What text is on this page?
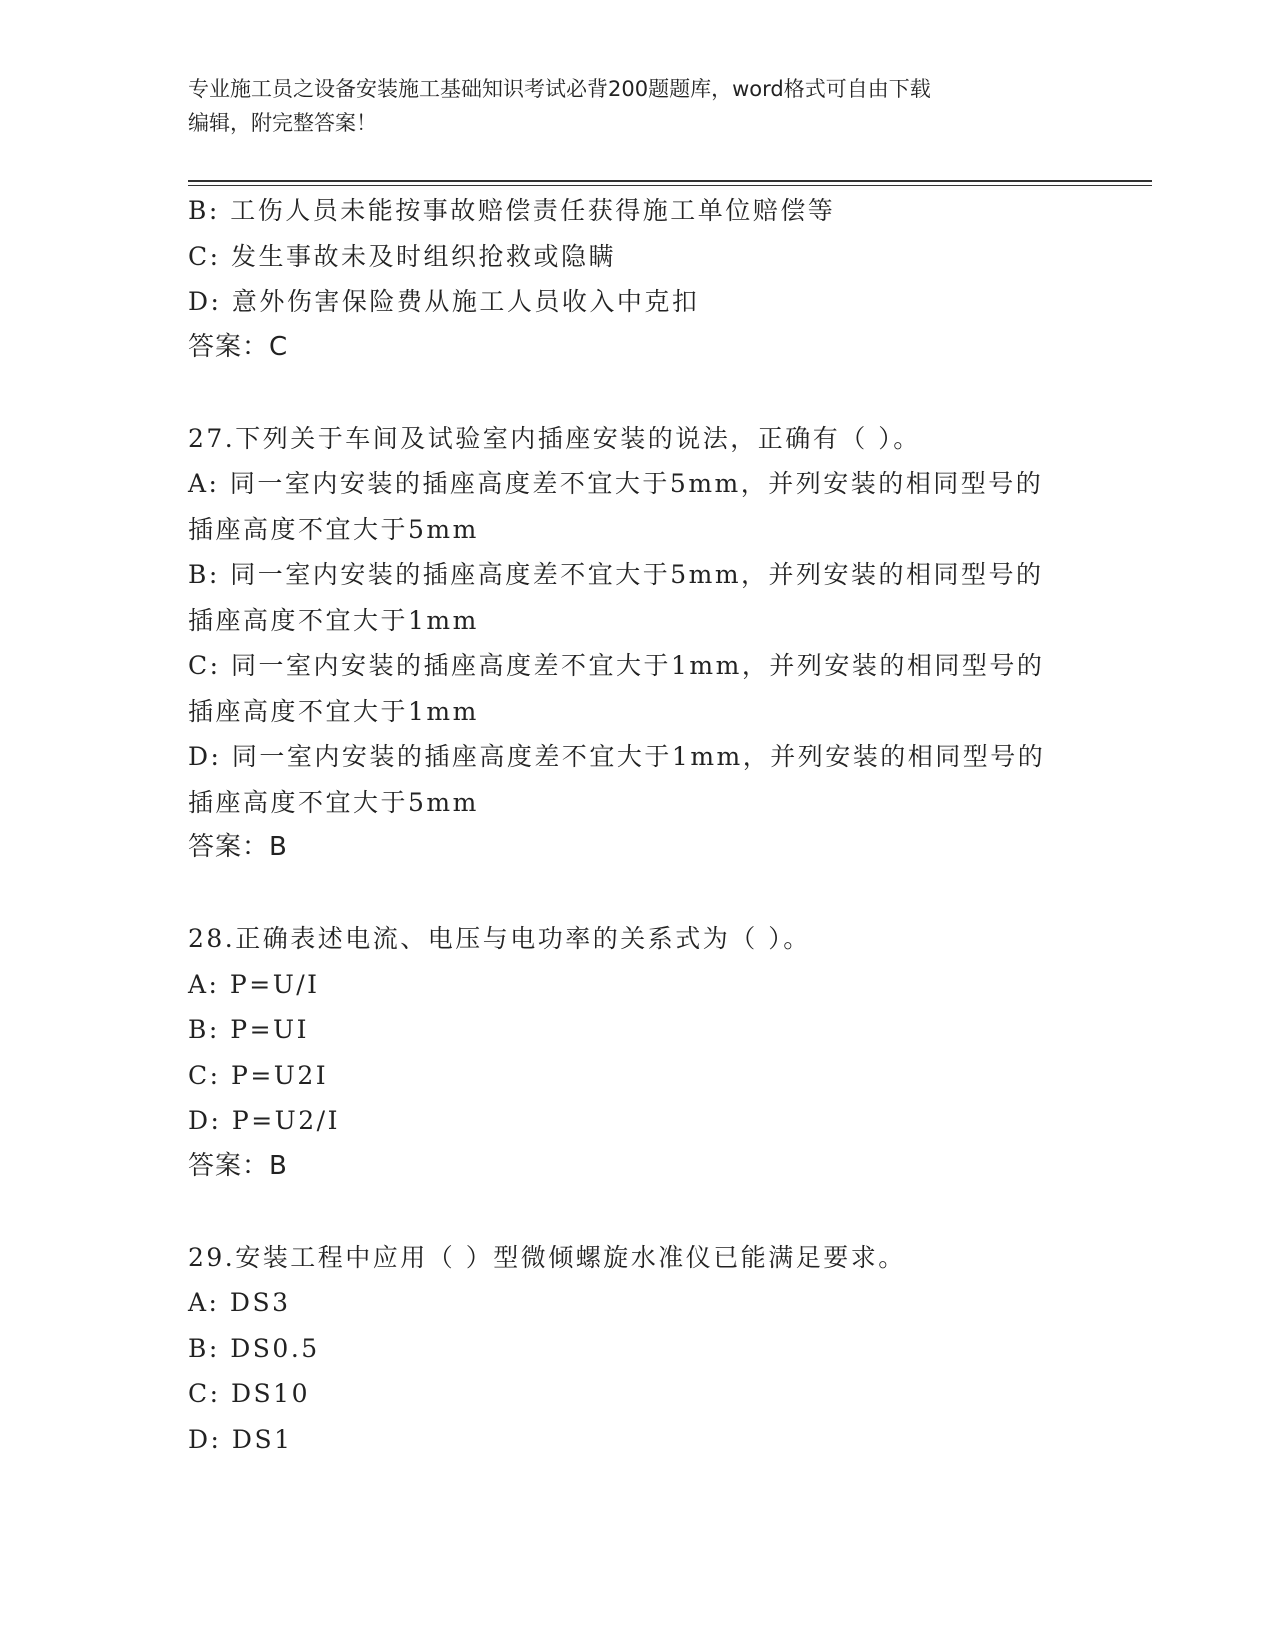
专业施工员之设备安装施工基础知识考试必背200题题库，word格式可自由下载
编辑，附完整答案！
B: 工伤人员未能按事故赔偿责任获得施工单位赔偿等
C: 发生事故未及时组织抢救或隐瞒
D: 意外伤害保险费从施工人员收入中克扣
答案：C
27.下列关于车间及试验室内插座安装的说法，正确有（ ）。
A: 同一室内安装的插座高度差不宜大于5mm，并列安装的相同型号的
插座高度不宜大于5mm
B: 同一室内安装的插座高度差不宜大于5mm，并列安装的相同型号的
插座高度不宜大于1mm
C: 同一室内安装的插座高度差不宜大于1mm，并列安装的相同型号的
插座高度不宜大于1mm
D: 同一室内安装的插座高度差不宜大于1mm，并列安装的相同型号的
插座高度不宜大于5mm
答案：B
28.正确表述电流、电压与电功率的关系式为（ ）。
A: P=U/I
B: P=UI
C: P=U2I
D: P=U2/I
答案：B
29.安装工程中应用（ ）型微倾螺旋水准仪已能满足要求。
A: DS3
B: DS0.5
C: DS10
D: DS1
